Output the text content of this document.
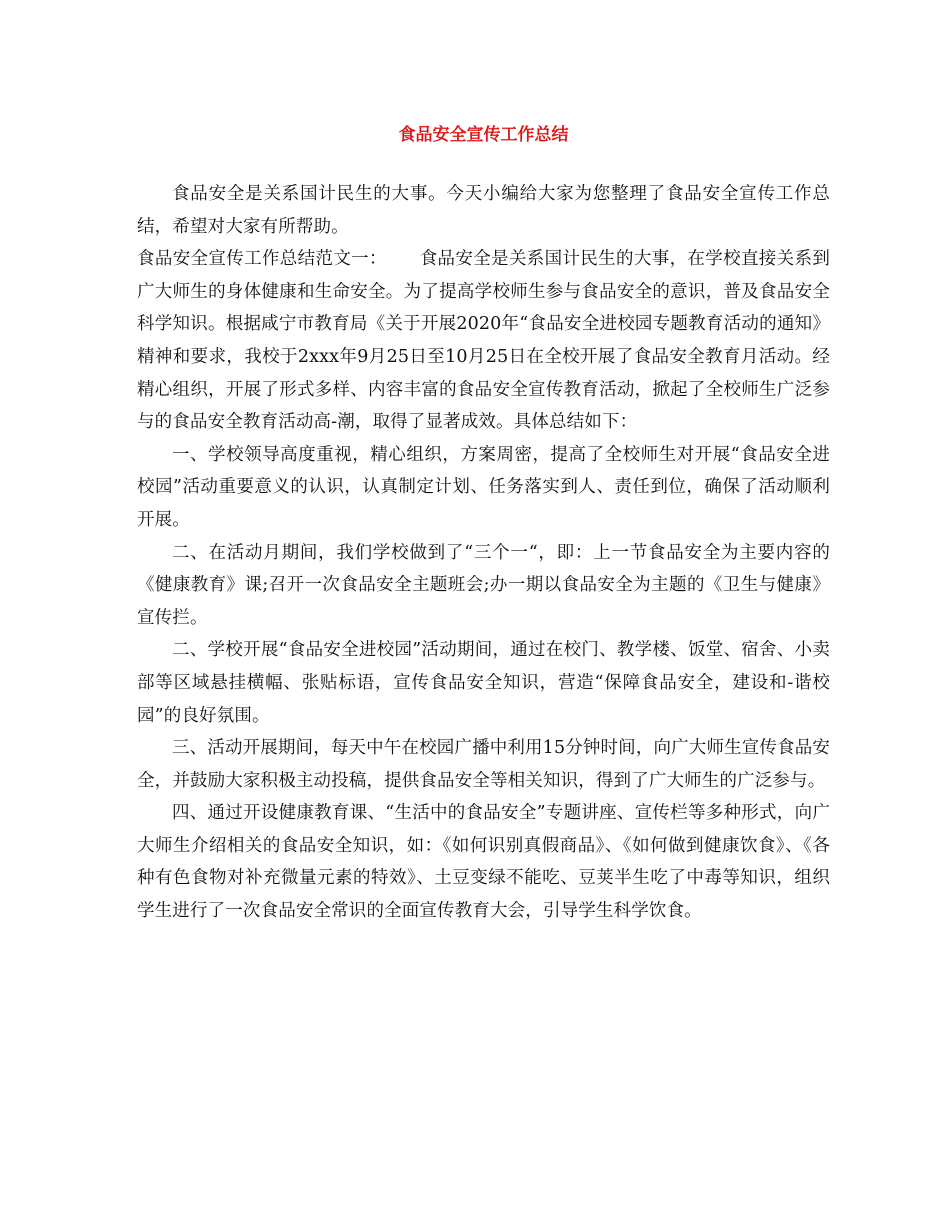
食品安全宣传工作总结

食品安全是关系国计民生的大事。今天小编给大家为您整理了食品安全宣传工作总结，希望对大家有所帮助。

食品安全宣传工作总结范文一：　　 食品安全是关系国计民生的大事，在学校直接关系到广大师生的身体健康和生命安全。为了提高学校师生参与食品安全的意识，普及食品安全科学知识。根据咸宁市教育局《关于开展2020年“食品安全进校园专题教育活动的通知》精神和要求，我校于2xxx年9月25日至10月25日在全校开展了食品安全教育月活动。经精心组织，开展了形式多样、内容丰富的食品安全宣传教育活动，掀起了全校师生广泛参与的食品安全教育活动高-潮，取得了显著成效。具体总结如下：

一、学校领导高度重视，精心组织，方案周密，提高了全校师生对开展“食品安全进校园”活动重要意义的认识，认真制定计划、任务落实到人、责任到位，确保了活动顺利开展。

二、在活动月期间，我们学校做到了“三个一“，即：上一节食品安全为主要内容的《健康教育》课;召开一次食品安全主题班会;办一期以食品安全为主题的《卫生与健康》宣传拦。

二、学校开展“食品安全进校园”活动期间，通过在校门、教学楼、饭堂、宿舍、小卖部等区域悬挂横幅、张贴标语，宣传食品安全知识，营造“保障食品安全，建设和-谐校园”的良好氛围。

三、活动开展期间，每天中午在校园广播中利用15分钟时间，向广大师生宣传食品安全，并鼓励大家积极主动投稿，提供食品安全等相关知识，得到了广大师生的广泛参与。

四、通过开设健康教育课、“生活中的食品安全”专题讲座、宣传栏等多种形式，向广大师生介绍相关的食品安全知识，如：《如何识别真假商品》、《如何做到健康饮食》、《各种有色食物对补充微量元素的特效》、土豆变绿不能吃、豆荚半生吃了中毒等知识，组织学生进行了一次食品安全常识的全面宣传教育大会，引导学生科学饮食。
